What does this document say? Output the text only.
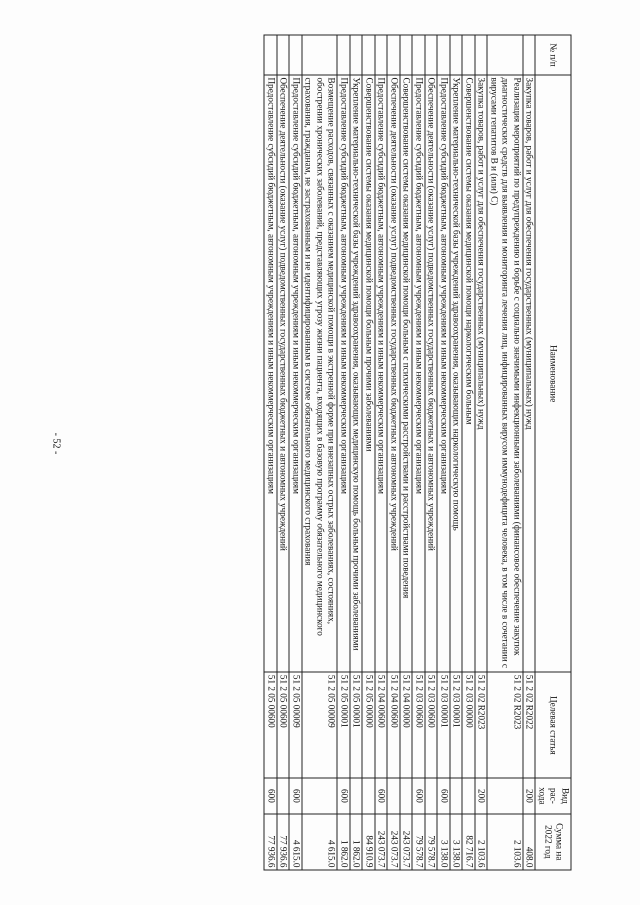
- 52 -
№ п/п	Наименование	Целевая статья	Вид рас-хода	Сумма на 2022 год
	Закупка товаров, работ и услуг для обеспечения государственных (муниципальных) нужд	51 2 02 R2022	200	408.0
	Реализация мероприятий по предупреждению и борьбе с социально значимыми инфекционными заболеваниями (финансовое обеспечение закупок диагностических средств для выявления и мониторинга лечения лиц, инфицированных вирусом иммунодефицита человека, в том числе в сочетании с вирусами гепатитов В и (или) С)	51 2 02 R2023		2 103.6
	Закупка товаров, работ и услуг для обеспечения государственных (муниципальных) нужд	51 2 02 R2023	200	2 103.6
	Совершенствование системы оказания медицинской помощи наркологическим больным	51 2 03 00000		82 716.7
	Укрепление материально-технической базы учреждений здравоохранения, оказывающих наркологическую помощь	51 2 03 00001		3 138.0
	Предоставление субсидий бюджетным, автономным учреждениям и иным некоммерческим организациям	51 2 03 00001	600	3 138.0
	Обеспечение деятельности (оказание услуг) подведомственных государственных бюджетных и автономных учреждений	51 2 03 00600		79 578.7
	Предоставление субсидий бюджетным, автономным учреждениям и иным некоммерческим организациям	51 2 03 00600	600	79 578.7
	Совершенствование системы оказания медицинской помощи больным с психическими расстройствами и расстройствами поведения	51 2 04 00000		243 073.7
	Обеспечение деятельности (оказание услуг) подведомственных государственных бюджетных и автономных учреждений	51 2 04 00600		243 073.7
	Предоставление субсидий бюджетным, автономным учреждениям и иным некоммерческим организациям	51 2 04 00600	600	243 073.7
	Совершенствование системы оказания медицинской помощи больным прочими заболеваниями	51 2 05 00000		84 910.9
	Укрепление материально-технической базы учреждений здравоохранения, оказывающих медицинскую помощь больным прочими заболеваниями	51 2 05 00001		1 862.0
	Предоставление субсидий бюджетным, автономным учреждениям и иным некоммерческим организациям	51 2 05 00001	600	1 862.0
	Возмещение расходов, связанных с оказанием медицинской помощи в экстренной форме при внезапных острых заболеваниях, состояниях, обострении хронических заболеваний, представляющих угрозу жизни пациента, входящих в базовую программу обязательного медицинского страхования, гражданам, не застрахованным и не идентифицированным в системе обязательного медицинского страхования	51 2 05 00009		4 615.0
	Предоставление субсидий бюджетным, автономным учреждениям и иным некоммерческим организациям	51 2 05 00009	600	4 615.0
	Обеспечение деятельности (оказание услуг) подведомственных государственных бюджетных и автономных учреждений	51 2 05 00600		77 936.6
	Предоставление субсидий бюджетным, автономным учреждениям и иным некоммерческим организациям	51 2 05 00600	600	77 936.6
